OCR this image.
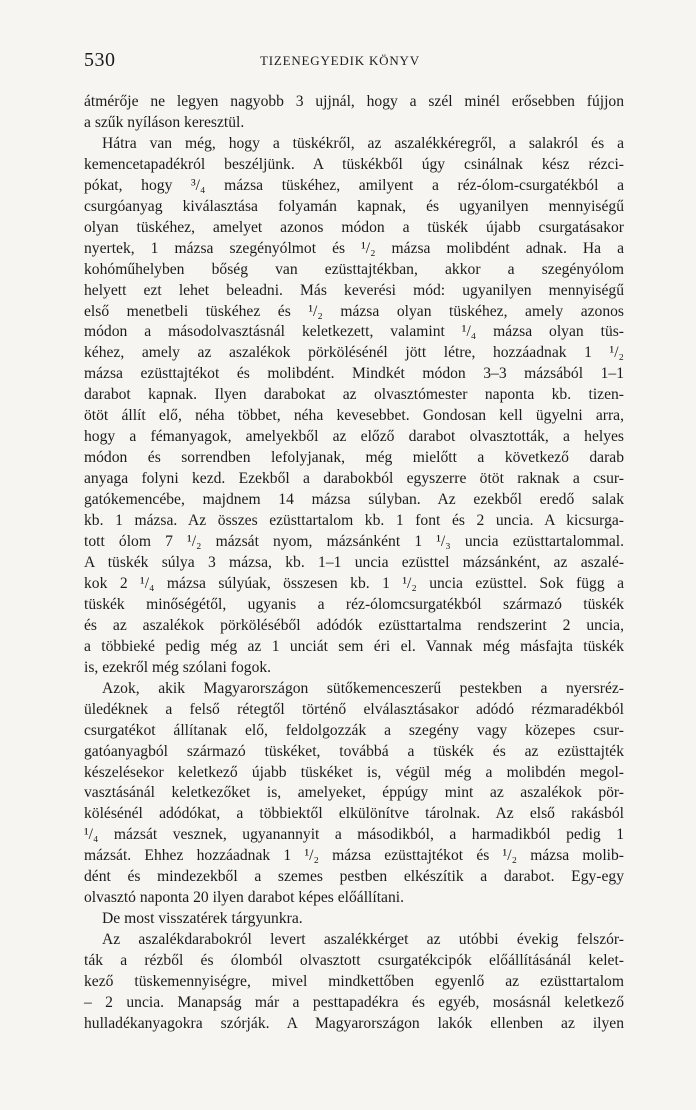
530	TIZENEGYEDIK KÖNYV
átmérője ne legyen nagyobb 3 ujjnál, hogy a szél minél erősebben fújjon
a szűk nyíláson keresztül.
Hátra van még, hogy a tüskékről, az aszalékkéregről, a salakról és a
kemencetapadékról beszéljünk. A tüskékből úgy csinálnak kész rézci-
pókat, hogy ³/₄ mázsa tüskéhez, amilyent a réz-ólom-csurgatékból a
csurgóanyag kiválasztása folyamán kapnak, és ugyanilyen mennyiségű
olyan tüskéhez, amelyet azonos módon a tüskék újabb csurgatásakor
nyertek, 1 mázsa szegényólmot és ¹/₂ mázsa molibdént adnak. Ha a
kohóműhelyben bőség van ezüsttajtékban, akkor a szegényólom
helyett ezt lehet beleadni. Más keverési mód: ugyanilyen mennyiségű
első menetbeli tüskéhez és ¹/₂ mázsa olyan tüskéhez, amely azonos
módon a másodolvasztásnál keletkezett, valamint ¹/₄ mázsa olyan tüs-
kéhez, amely az aszalékok pörkölésénél jött létre, hozzáadnak 1 ¹/₂
mázsa ezüsttajtékot és molibdént. Mindkét módon 3–3 mázsából 1–1
darabot kapnak. Ilyen darabokat az olvasztómester naponta kb. tizen-
ötöt állít elő, néha többet, néha kevesebbet. Gondosan kell ügyelni arra,
hogy a fémanyagok, amelyekből az előző darabot olvasztották, a helyes
módon és sorrendben lefolyjanak, még mielőtt a következő darab
anyaga folyni kezd. Ezekből a darabokból egyszerre ötöt raknak a csur-
gatókemencébe, majdnem 14 mázsa súlyban. Az ezekből eredő salak
kb. 1 mázsa. Az összes ezüsttartalom kb. 1 font és 2 uncia. A kicsurga-
tott ólom 7 ¹/₂ mázsát nyom, mázsánként 1 ¹/₃ uncia ezüsttartalommal.
A tüskék súlya 3 mázsa, kb. 1–1 uncia ezüsttel mázsánként, az aszalé-
kok 2 ¹/₄ mázsa súlyúak, összesen kb. 1 ¹/₂ uncia ezüsttel. Sok függ a
tüskék minőségétől, ugyanis a réz-ólomcsurgatékból származó tüskék
és az aszalékok pörköléséből adódók ezüsttartalma rendszerint 2 uncia,
a többieké pedig még az 1 unciát sem éri el. Vannak még másfajta tüskék
is, ezekről még szólani fogok.
Azok, akik Magyarországon sütőkemenceszerű pestekben a nyersréz-
üledéknek a felső rétegtől történő elválasztásakor adódó rézmaradékból
csurgatékot állítanak elő, feldolgozzák a szegény vagy közepes csur-
gatóanyagból származó tüskéket, továbbá a tüskék és az ezüsttajték
készelésekor keletkező újabb tüskéket is, végül még a molibdén megol-
vasztásánál keletkezőket is, amelyeket, éppúgy mint az aszalékok pör-
kölésénél adódókat, a többiektől elkülönítve tárolnak. Az első rakásból
¹/₄ mázsát vesznek, ugyanannyit a másodikból, a harmadikból pedig 1
mázsát. Ehhez hozzáadnak 1 ¹/₂ mázsa ezüsttajtékot és ¹/₂ mázsa molib-
dént és mindezekből a szemes pestben elkészítik a darabot. Egy-egy
olvasztó naponta 20 ilyen darabot képes előállítani.
De most visszatérek tárgyunkra.
Az aszalékdarabokról levert aszalékkérget az utóbbi évekig felszór-
ták a rézből és ólomból olvasztott csurgatékcipók előállításánál kelet-
kező tüskemennyiségre, mivel mindkettőben egyenlő az ezüsttartalom
– 2 uncia. Manapság már a pesttapadékra és egyéb, mosásnál keletkező
hulladékanyagokra szórják. A Magyarországon lakók ellenben az ilyen
